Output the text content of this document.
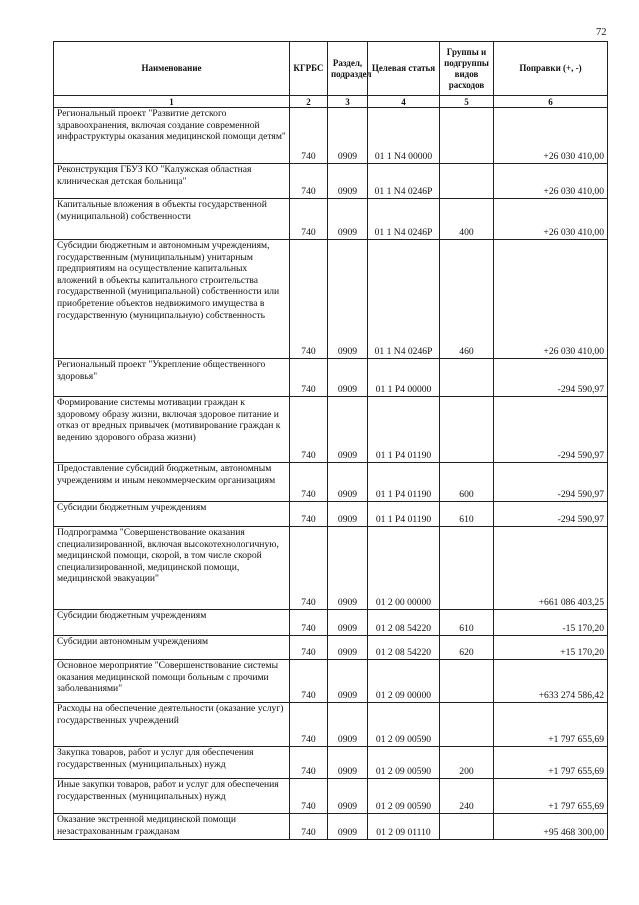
72
Наименование	КГРБС	Раздел, подраздел	Целевая статья	Группы и подгруппы видов расходов	Поправки (+, -)
1	2	3	4	5	6
Региональный проект "Развитие детского здравоохранения, включая создание современной инфраструктуры оказания медицинской помощи детям"	740	0909	01 1 N4 00000		+26 030 410,00
Реконструкция ГБУЗ КО "Калужская областная клиническая детская больница"	740	0909	01 1 N4 0246P		+26 030 410,00
Капитальные вложения в объекты государственной (муниципальной) собственности	740	0909	01 1 N4 0246P	400	+26 030 410,00
Субсидии бюджетным и автономным учреждениям, государственным (муниципальным) унитарным предприятиям на осуществление капитальных вложений в объекты капитального строительства государственной (муниципальной) собственности или приобретение объектов недвижимого имущества в государственную (муниципальную) собственность	740	0909	01 1 N4 0246P	460	+26 030 410,00
Региональный проект "Укрепление общественного здоровья"	740	0909	01 1 P4 00000		-294 590,97
Формирование системы мотивации граждан к здоровому образу жизни, включая здоровое питание и отказ от вредных привычек (мотивирование граждан к ведению здорового образа жизни)	740	0909	01 1 P4 01190		-294 590,97
Предоставление субсидий бюджетным, автономным учреждениям и иным некоммерческим организациям	740	0909	01 1 P4 01190	600	-294 590,97
Субсидии бюджетным учреждениям	740	0909	01 1 P4 01190	610	-294 590,97
Подпрограмма "Совершенствование оказания специализированной, включая высокотехнологичную, медицинской помощи, скорой, в том числе скорой специализированной, медицинской помощи, медицинской эвакуации"	740	0909	01 2 00 00000		+661 086 403,25
Субсидии бюджетным учреждениям	740	0909	01 2 08 54220	610	-15 170,20
Субсидии автономным учреждениям	740	0909	01 2 08 54220	620	+15 170,20
Основное мероприятие "Совершенствование системы оказания медицинской помощи больным с прочими заболеваниями"	740	0909	01 2 09 00000		+633 274 586,42
Расходы на обеспечение деятельности (оказание услуг) государственных учреждений	740	0909	01 2 09 00590		+1 797 655,69
Закупка товаров, работ и услуг для обеспечения государственных (муниципальных) нужд	740	0909	01 2 09 00590	200	+1 797 655,69
Иные закупки товаров, работ и услуг для обеспечения государственных (муниципальных) нужд	740	0909	01 2 09 00590	240	+1 797 655,69
Оказание экстренной медицинской помощи незастрахованным гражданам	740	0909	01 2 09 01110		+95 468 300,00
